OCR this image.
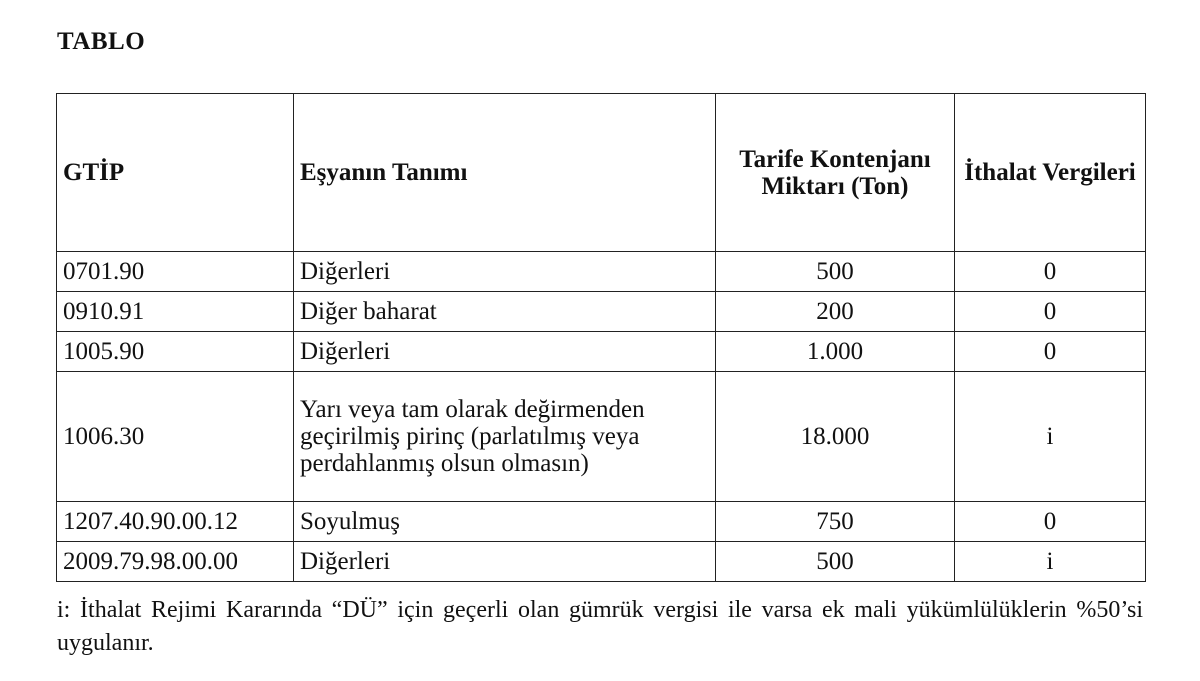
TABLO
GTİP	Eşyanın Tanımı	Tarife Kontenjanı Miktarı (Ton)	İthalat Vergileri
0701.90	Diğerleri	500	0
0910.91	Diğer baharat	200	0
1005.90	Diğerleri	1.000	0
1006.30	Yarı veya tam olarak değirmenden geçirilmiş pirinç (parlatılmış veya perdahlanmış olsun olmasın)	18.000	i
1207.40.90.00.12	Soyulmuş	750	0
2009.79.98.00.00	Diğerleri	500	i
i: İthalat Rejimi Kararında “DÜ” için geçerli olan gümrük vergisi ile varsa ek mali yükümlülüklerin %50’si uygulanır.
